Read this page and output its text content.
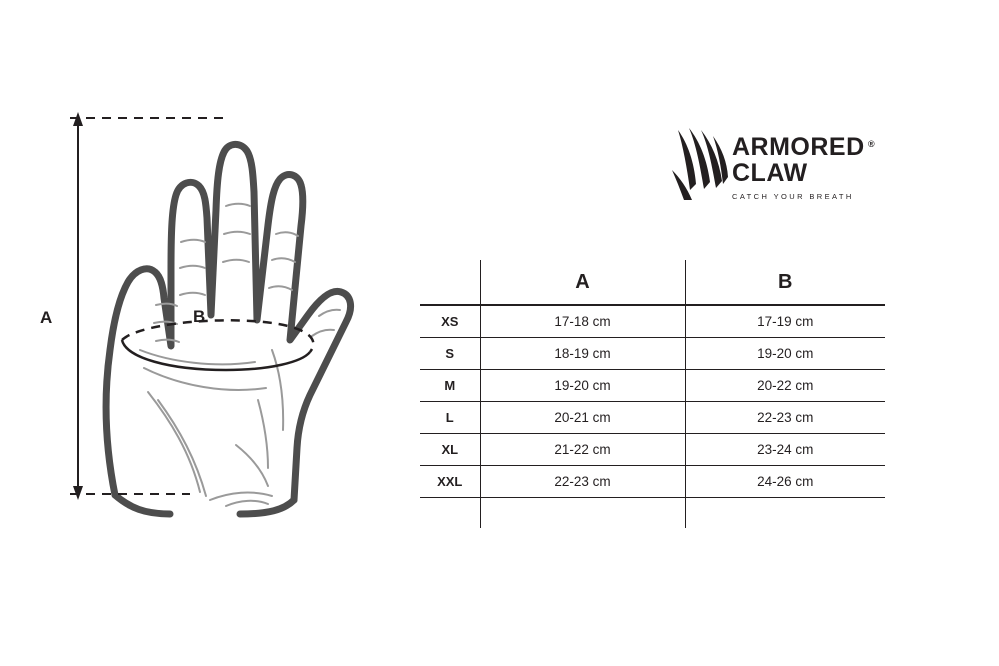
A	B
ARMORED ®
CLAW
CATCH YOUR BREATH
	A	B
XS	17-18 cm	17-19 cm
S	18-19 cm	19-20 cm
M	19-20 cm	20-22 cm
L	20-21 cm	22-23 cm
XL	21-22 cm	23-24 cm
XXL	22-23 cm	24-26 cm
